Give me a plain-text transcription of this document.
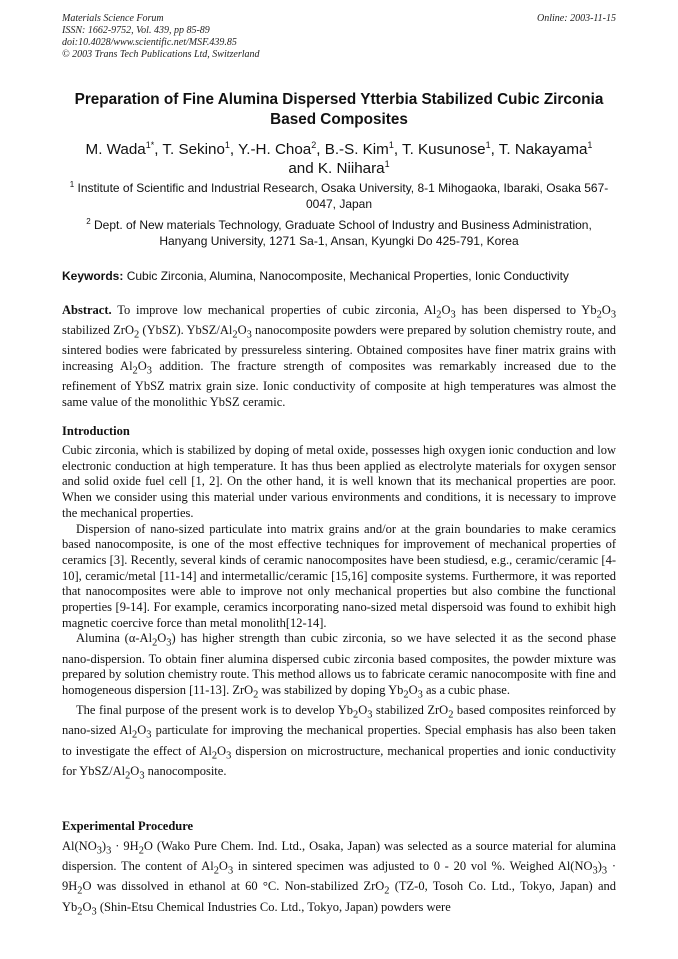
Materials Science Forum
ISSN: 1662-9752, Vol. 439, pp 85-89
doi:10.4028/www.scientific.net/MSF.439.85
© 2003 Trans Tech Publications Ltd, Switzerland
Online: 2003-11-15
Preparation of Fine Alumina Dispersed Ytterbia Stabilized Cubic Zirconia Based Composites
M. Wada$^{1*}$, T. Sekino$^1$, Y.-H. Choa$^2$, B.-S. Kim$^1$, T. Kusunose$^1$, T. Nakayama$^1$
and K. Niihara$^1$
$^1$ Institute of Scientific and Industrial Research, Osaka University, 8-1 Mihogaoka, Ibaraki, Osaka 567-0047, Japan
$^2$ Dept. of New materials Technology, Graduate School of Industry and Business Administration, Hanyang University, 1271 Sa-1, Ansan, Kyungki Do 425-791, Korea
Keywords: Cubic Zirconia, Alumina, Nanocomposite, Mechanical Properties, Ionic Conductivity

Abstract. To improve low mechanical properties of cubic zirconia, $Al_2O_3$ has been dispersed to $Yb_2O_3$ stabilized ZrO$_2$ (YbSZ). YbSZ/$Al_2O_3$ nanocomposite powders were prepared by solution chemistry route, and sintered bodies were fabricated by pressureless sintering. Obtained composites have finer matrix grains with increasing $Al_2O_3$ addition. The fracture strength of composites was remarkably increased due to the refinement of YbSZ matrix grain size. Ionic conductivity of composite at high temperatures was almost the same value of the monolithic YbSZ ceramic.

Introduction

Cubic zirconia, which is stabilized by doping of metal oxide, possesses high oxygen ionic conduction and low electronic conduction at high temperature. It has thus been applied as electrolyte materials for oxygen sensor and solid oxide fuel cell [1, 2]. On the other hand, it is well known that its mechanical properties are poor. When we consider using this material under various environments and conditions, it is necessary to improve the mechanical properties.

Dispersion of nano-sized particulate into matrix grains and/or at the grain boundaries to make ceramics based nanocomposite, is one of the most effective techniques for improvement of mechanical properties of ceramics [3]. Recently, several kinds of ceramic nanocomposites have been studiesd, e.g., ceramic/ceramic [4-10], ceramic/metal [11-14] and intermetallic/ceramic [15,16] composite systems. Furthermore, it was reported that nanocomposites were able to improve not only mechanical properties but also combine the functional properties [9-14]. For example, ceramics incorporating nano-sized metal dispersoid was found to exhibit high magnetic coercive force than metal monolith[12-14].

Alumina $(\alpha-Al_2O_3)$ has higher strength than cubic zirconia, so we have selected it as the second phase nano-dispersion. To obtain finer alumina dispersed cubic zirconia based composites, the powder mixture was prepared by solution chemistry route. This method allows us to fabricate ceramic nanocomposite with fine and homogeneous dispersion [11-13]. ZrO$_2$ was stabilized by doping $Yb_2O_3$ as a cubic phase.

The final purpose of the present work is to develop $Yb_2O_3$ stabilized ZrO$_2$ based composites reinforced by nano-sized $Al_2O_3$ particulate for improving the mechanical properties. Special emphasis has also been taken to investigate the effect of $Al_2O_3$ dispersion on microstructure, mechanical properties and ionic conductivity for YbSZ/$Al_2O_3$ nanocomposite.

Experimental Procedure

$Al(NO_3)_3 \cdot 9H_2O$ (Wako Pure Chem. Ind. Ltd., Osaka, Japan) was selected as a source material for alumina dispersion. The content of $Al_2O_3$ in sintered specimen was adjusted to 0 - 20 vol %. Weighed $Al(NO_3)_3 \cdot 9H_2O$ was dissolved in ethanol at 60 °C. Non-stabilized ZrO$_2$ (TZ-0, Tosoh Co. Ltd., Tokyo, Japan) and $Yb_2O_3$ (Shin-Etsu Chemical Industries Co. Ltd., Tokyo, Japan) powders were
